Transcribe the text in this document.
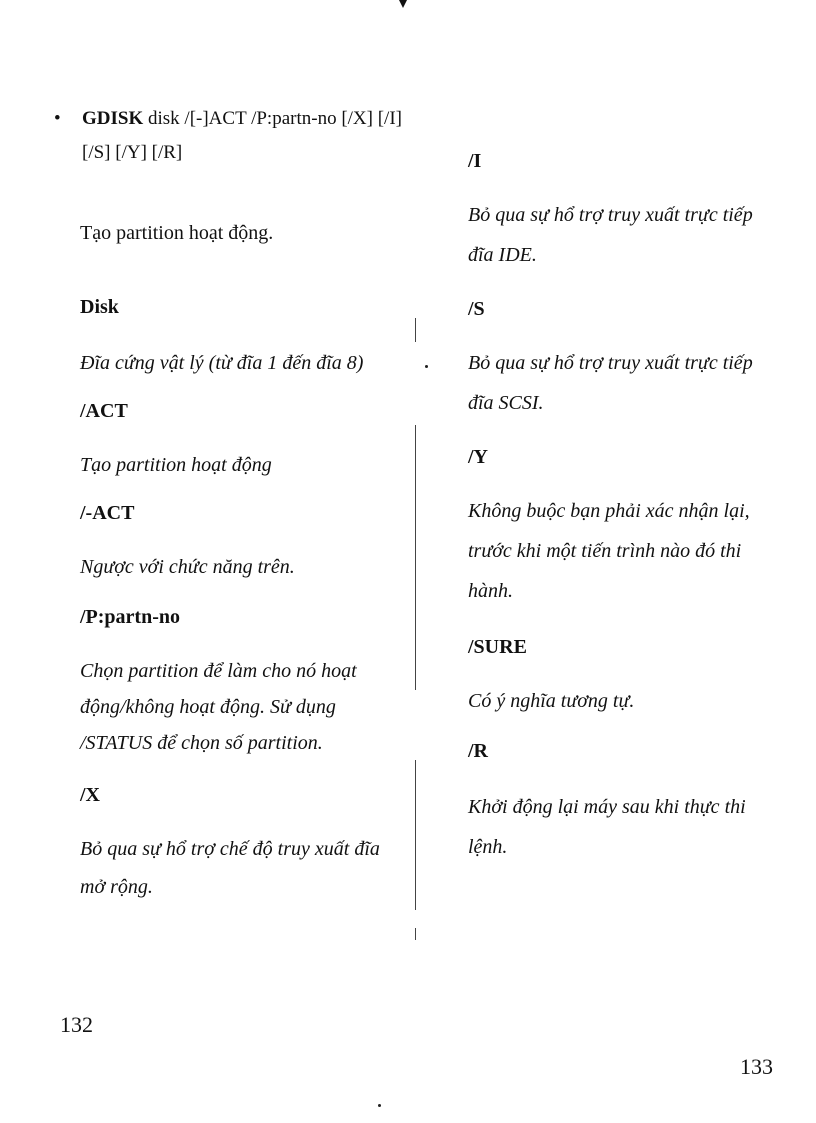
• GDISK disk /[-]ACT /P:partn-no [/X] [/I]
[/S] [/Y] [/R]
Tạo partition hoạt động.
Disk
Đĩa cứng vật lý (từ đĩa 1 đến đĩa 8)
/ACT
Tạo partition hoạt động
/-ACT
Ngược với chức năng trên.
/P:partn-no
Chọn partition để làm cho nó hoạt
động/không hoạt động. Sử dụng
/STATUS để chọn số partition.
/X
Bỏ qua sự hổ trợ chế độ truy xuất đĩa
mở rộng.
132
/I
Bỏ qua sự hổ trợ truy xuất trực tiếp
đĩa IDE.
/S
Bỏ qua sự hổ trợ truy xuất trực tiếp
đĩa SCSI.
/Y
Không buộc bạn phải xác nhận lại,
trước khi một tiến trình nào đó thi
hành.
/SURE
Có ý nghĩa tương tự.
/R
Khởi động lại máy sau khi thực thi
lệnh.
133
